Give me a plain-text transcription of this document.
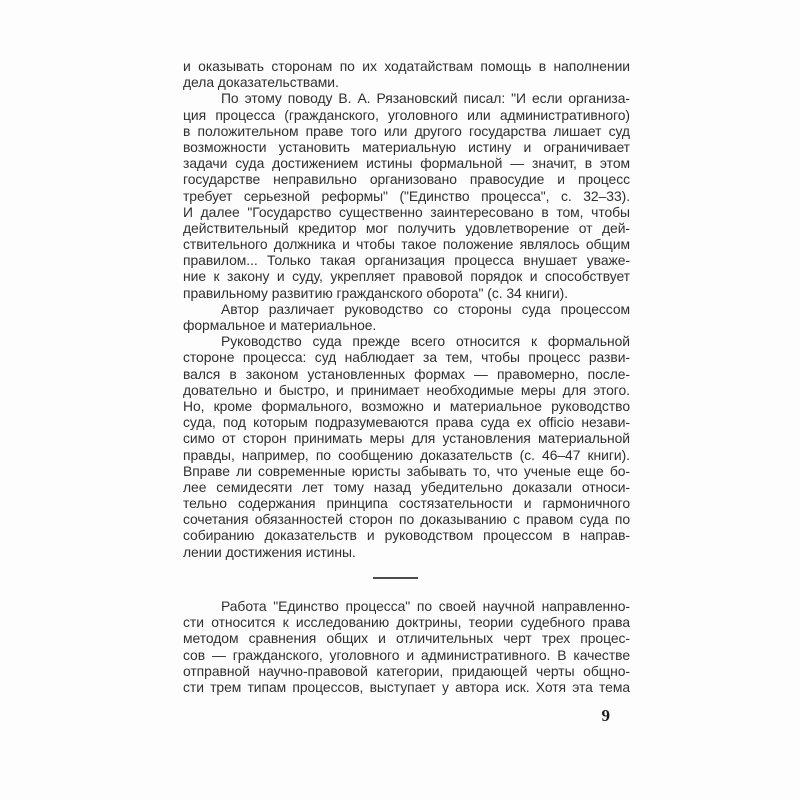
и оказывать сторонам по их ходатайствам помощь в наполнении
дела доказательствами.
По этому поводу В. А. Рязановский писал: "И если организа-
ция процесса (гражданского, уголовного или административного)
в положительном праве того или другого государства лишает суд
возможности установить материальную истину и ограничивает
задачи суда достижением истины формальной — значит, в этом
государстве неправильно организовано правосудие и процесс
требует серьезной реформы" ("Единство процесса", с. 32–33).
И далее "Государство существенно заинтересовано в том, чтобы
действительный кредитор мог получить удовлетворение от дей-
ствительного должника и чтобы такое положение являлось общим
правилом... Только такая организация процесса внушает уваже-
ние к закону и суду, укрепляет правовой порядок и способствует
правильному развитию гражданского оборота" (с. 34 книги).
Автор различает руководство со стороны суда процессом
формальное и материальное.
Руководство суда прежде всего относится к формальной
стороне процесса: суд наблюдает за тем, чтобы процесс разви-
вался в законом установленных формах — правомерно, после-
довательно и быстро, и принимает необходимые меры для этого.
Но, кроме формального, возможно и материальное руководство
суда, под которым подразумеваются права суда ex officio незави-
симо от сторон принимать меры для установления материальной
правды, например, по сообщению доказательств (с. 46–47 книги).
Вправе ли современные юристы забывать то, что ученые еще бо-
лее семидесяти лет тому назад убедительно доказали относи-
тельно содержания принципа состязательности и гармоничного
сочетания обязанностей сторон по доказыванию с правом суда по
собиранию доказательств и руководством процессом в направ-
лении достижения истины.
Работа "Единство процесса" по своей научной направленно-
сти относится к исследованию доктрины, теории судебного права
методом сравнения общих и отличительных черт трех процес-
сов — гражданского, уголовного и административного. В качестве
отправной научно-правовой категории, придающей черты общно-
сти трем типам процессов, выступает у автора иск. Хотя эта тема
9
